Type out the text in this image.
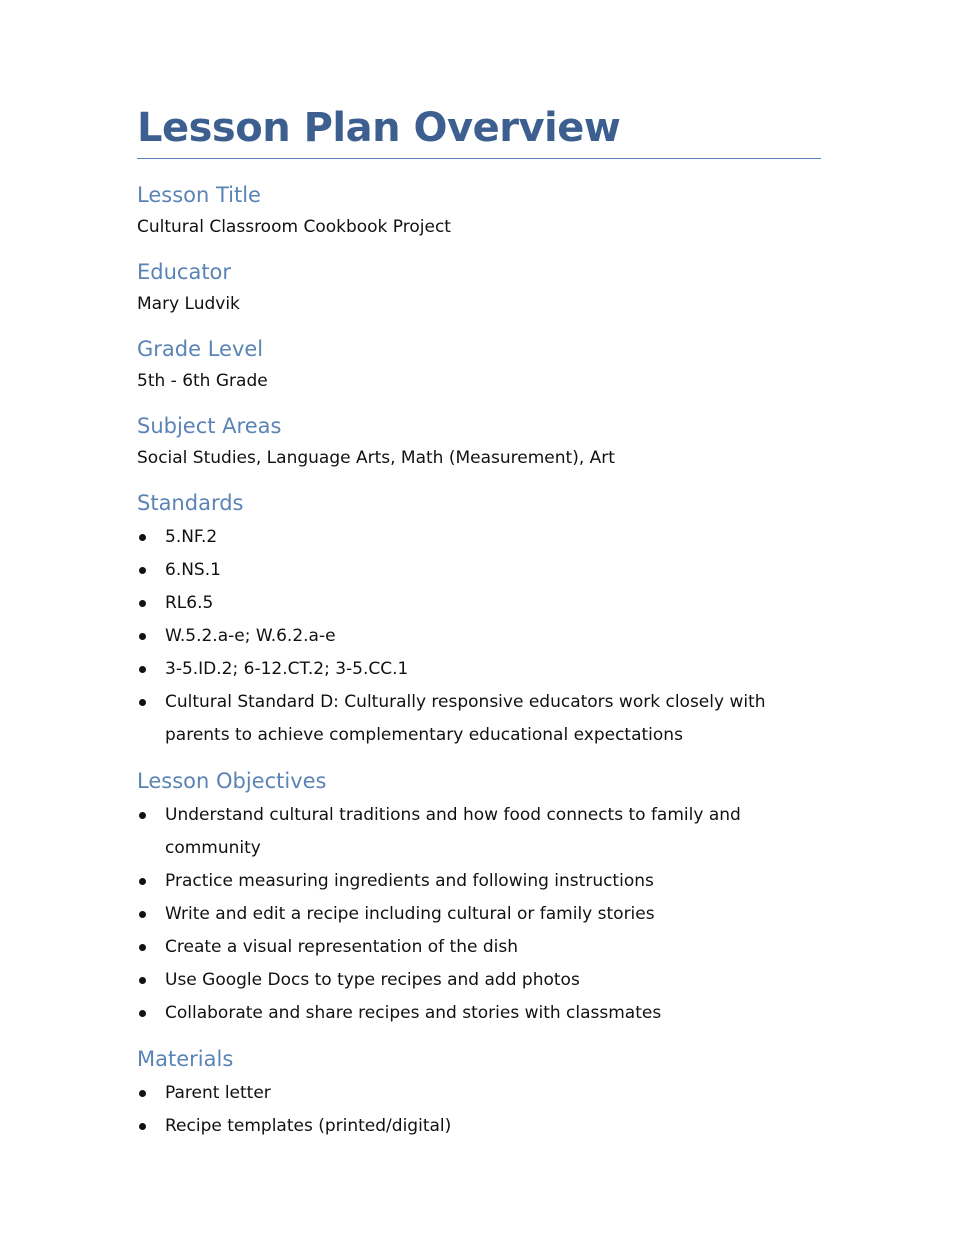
Lesson Plan Overview
Lesson Title

Cultural Classroom Cookbook Project

Educator

Mary Ludvik

Grade Level

5th - 6th Grade

Subject Areas

Social Studies, Language Arts, Math (Measurement), Art

Standards
5.NF.2
6.NS.1
RL6.5
W.5.2.a-e; W.6.2.a-e
3-5.ID.2; 6-12.CT.2; 3-5.CC.1
Cultural Standard D: Culturally responsive educators work closely with parents to achieve complementary educational expectations
Lesson Objectives
Understand cultural traditions and how food connects to family and community
Practice measuring ingredients and following instructions
Write and edit a recipe including cultural or family stories
Create a visual representation of the dish
Use Google Docs to type recipes and add photos
Collaborate and share recipes and stories with classmates
Materials
Parent letter
Recipe templates (printed/digital)
